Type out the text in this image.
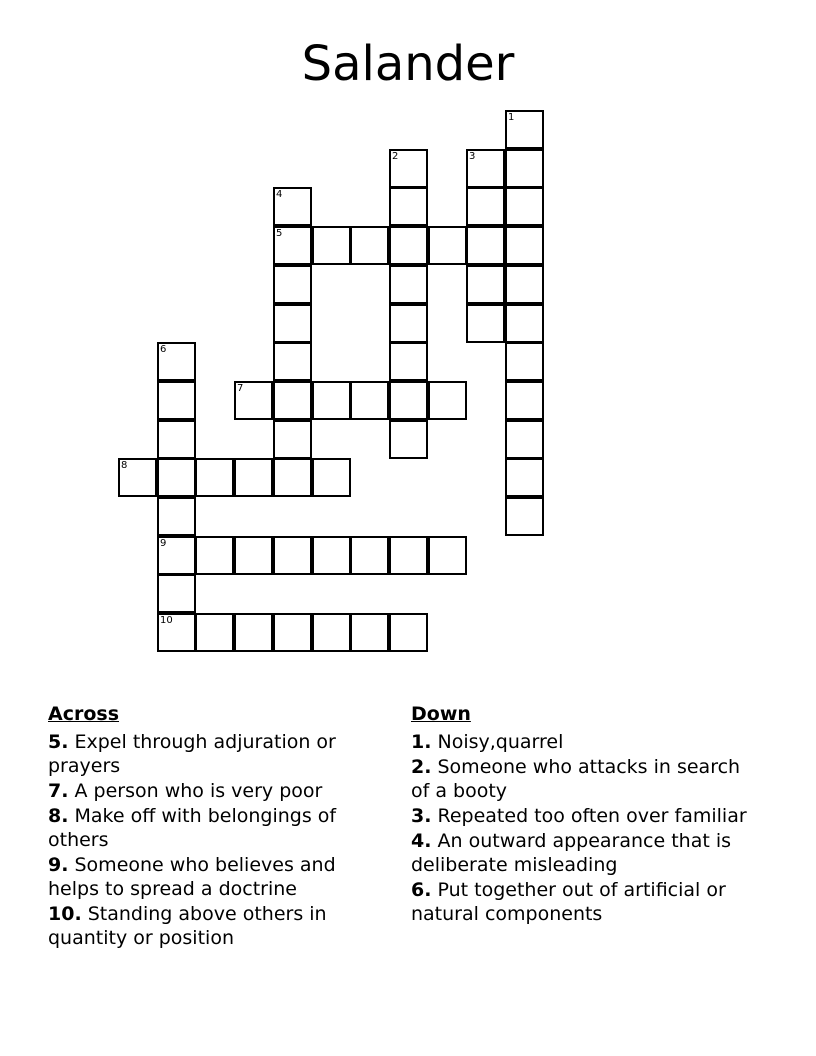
Salander
1
2	3
4
5
6
9
10
7
8
Across
5. Expel through adjuration or prayers
7. A person who is very poor
8. Make off with belongings of others
9. Someone who believes and helps to spread a doctrine
10. Standing above others in quantity or position
Down
1. Noisy,quarrel
2. Someone who attacks in search of a booty
3. Repeated too often over familiar
4. An outward appearance that is deliberate misleading
6. Put together out of artificial or natural components
